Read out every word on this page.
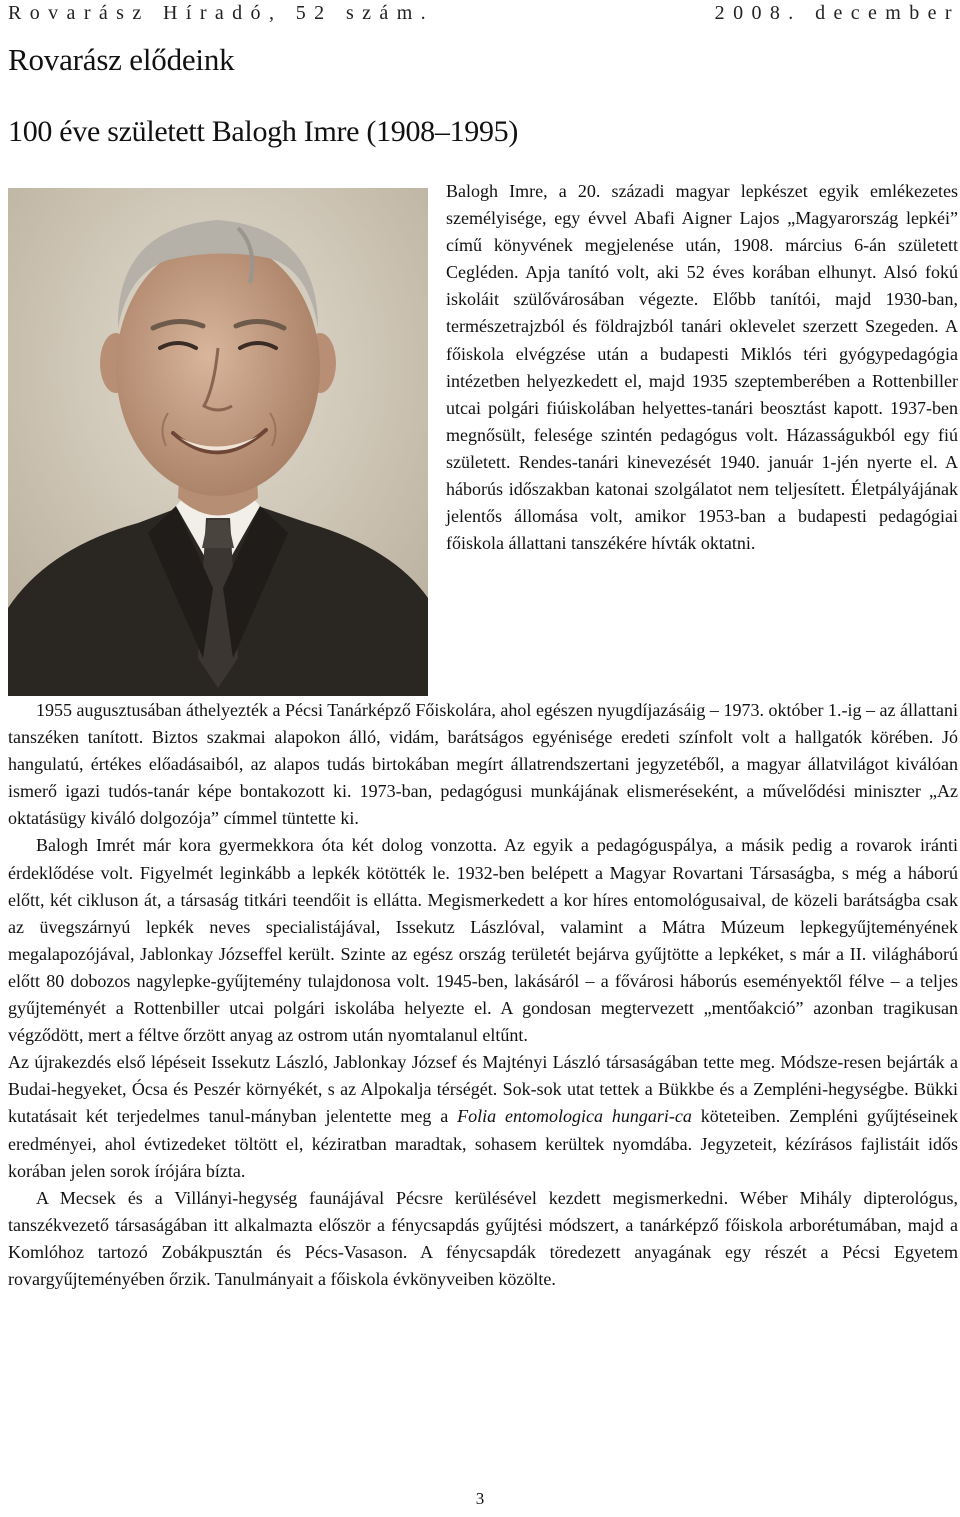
Rovarász Híradó, 52 szám.	2008. december
Rovarász elődeink
100 éve született Balogh Imre (1908–1995)

Balogh Imre, a 20. századi magyar lepkészet egyik emlékezetes személyisége, egy évvel Abafi Aigner Lajos „Magyarország lepkéi” című könyvének megjelenése után, 1908. március 6-án született Cegléden. Apja tanító volt, aki 52 éves korában elhunyt. Alsó fokú iskoláit szülővárosában végezte. Előbb tanítói, majd 1930-ban, természetrajzból és földrajzból tanári oklevelet szerzett Szegeden. A főiskola elvégzése után a budapesti Miklós téri gyógypedagógia intézetben helyezkedett el, majd 1935 szeptemberében a Rottenbiller utcai polgári fiúiskolában helyettes-tanári beosztást kapott. 1937-ben megnősült, felesége szintén pedagógus volt. Házasságukból egy fiú született. Rendes-tanári kinevezését 1940. január 1-jén nyerte el. A háborús időszakban katonai szolgálatot nem teljesített. Életpályájának jelentős állomása volt, amikor 1953-ban a budapesti pedagógiai főiskola állattani tanszékére hívták oktatni.

1955 augusztusában áthelyezték a Pécsi Tanárképző Főiskolára, ahol egészen nyugdíjazásáig – 1973. október 1.-ig – az állattani tanszéken tanított. Biztos szakmai alapokon álló, vidám, barátságos egyénisége eredeti színfolt volt a hallgatók körében. Jó hangulatú, értékes előadásaiból, az alapos tudás birtokában megírt állatrendszertani jegyzetéből, a magyar állatvilágot kiválóan ismerő igazi tudós-tanár képe bontakozott ki. 1973-ban, pedagógusi munkájának elismeréseként, a művelődési miniszter „Az oktatásügy kiváló dolgozója” címmel tüntette ki.

Balogh Imrét már kora gyermekkora óta két dolog vonzotta. Az egyik a pedagóguspálya, a másik pedig a rovarok iránti érdeklődése volt. Figyelmét leginkább a lepkék kötötték le. 1932-ben belépett a Magyar Rovartani Társaságba, s még a háború előtt, két cikluson át, a társaság titkári teendőit is ellátta. Megismerkedett a kor híres entomológusaival, de közeli barátságba csak az üvegszárnyú lepkék neves specialistájával, Issekutz Lászlóval, valamint a Mátra Múzeum lepkegyűjteményének megalapozójával, Jablonkay Józseffel került. Szinte az egész ország területét bejárva gyűjtötte a lepkéket, s már a II. világháború előtt 80 dobozos nagylepke-gyűjtemény tulajdonosa volt. 1945-ben, lakásáról – a fővárosi háborús eseményektől félve – a teljes gyűjteményét a Rottenbiller utcai polgári iskolába helyezte el. A gondosan megtervezett „mentőakció” azonban tragikusan végződött, mert a féltve őrzött anyag az ostrom után nyomtalanul eltűnt.

Az újrakezdés első lépéseit Issekutz László, Jablonkay József és Majtényi László társaságában tette meg. Módsze-resen bejárták a Budai-hegyeket, Ócsa és Peszér környékét, s az Alpokalja térségét. Sok-sok utat tettek a Bükkbe és a Zempléni-hegységbe. Bükki kutatásait két terjedelmes tanul-mányban jelentette meg a Folia entomologica hungari-ca köteteiben. Zempléni gyűjtéseinek eredményei, ahol évtizedeket töltött el, kéziratban maradtak, sohasem kerültek nyomdába. Jegyzeteit, kézírásos fajlistáit idős korában jelen sorok írójára bízta.

A Mecsek és a Villányi-hegység faunájával Pécsre kerülésével kezdett megismerkedni. Wéber Mihály dipterológus, tanszékvezető társaságában itt alkalmazta először a fénycsapdás gyűjtési módszert, a tanárképző főiskola arborétumában, majd a Komlóhoz tartozó Zobákpusztán és Pécs-Vasason. A fénycsapdák töredezett anyagának egy részét a Pécsi Egyetem rovargyűjteményében őrzik. Tanulmányait a főiskola évkönyveiben közölte.

3
